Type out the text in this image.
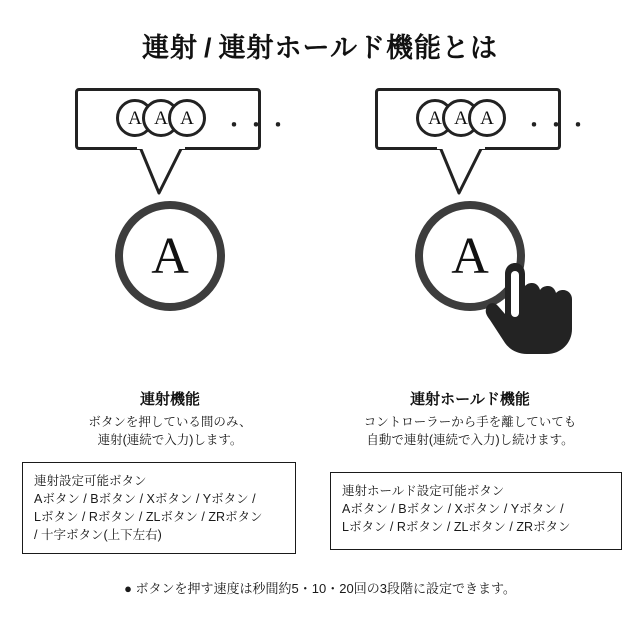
連射 / 連射ホールド機能とは
A A A	・・・
A
連射機能
ボタンを押している間のみ、
連射(連続で入力)します。
A A A	・・・
A
連射ホールド機能
コントローラーから手を離していても
自動で連射(連続で入力)し続けます。
連射設定可能ボタン
Aボタン / Bボタン / Xボタン / Yボタン /
Lボタン / Rボタン / ZLボタン / ZRボタン
/ 十字ボタン(上下左右)
連射ホールド設定可能ボタン
Aボタン / Bボタン / Xボタン / Yボタン /
Lボタン / Rボタン / ZLボタン / ZRボタン
● ボタンを押す速度は秒間約5・10・20回の3段階に設定できます。
